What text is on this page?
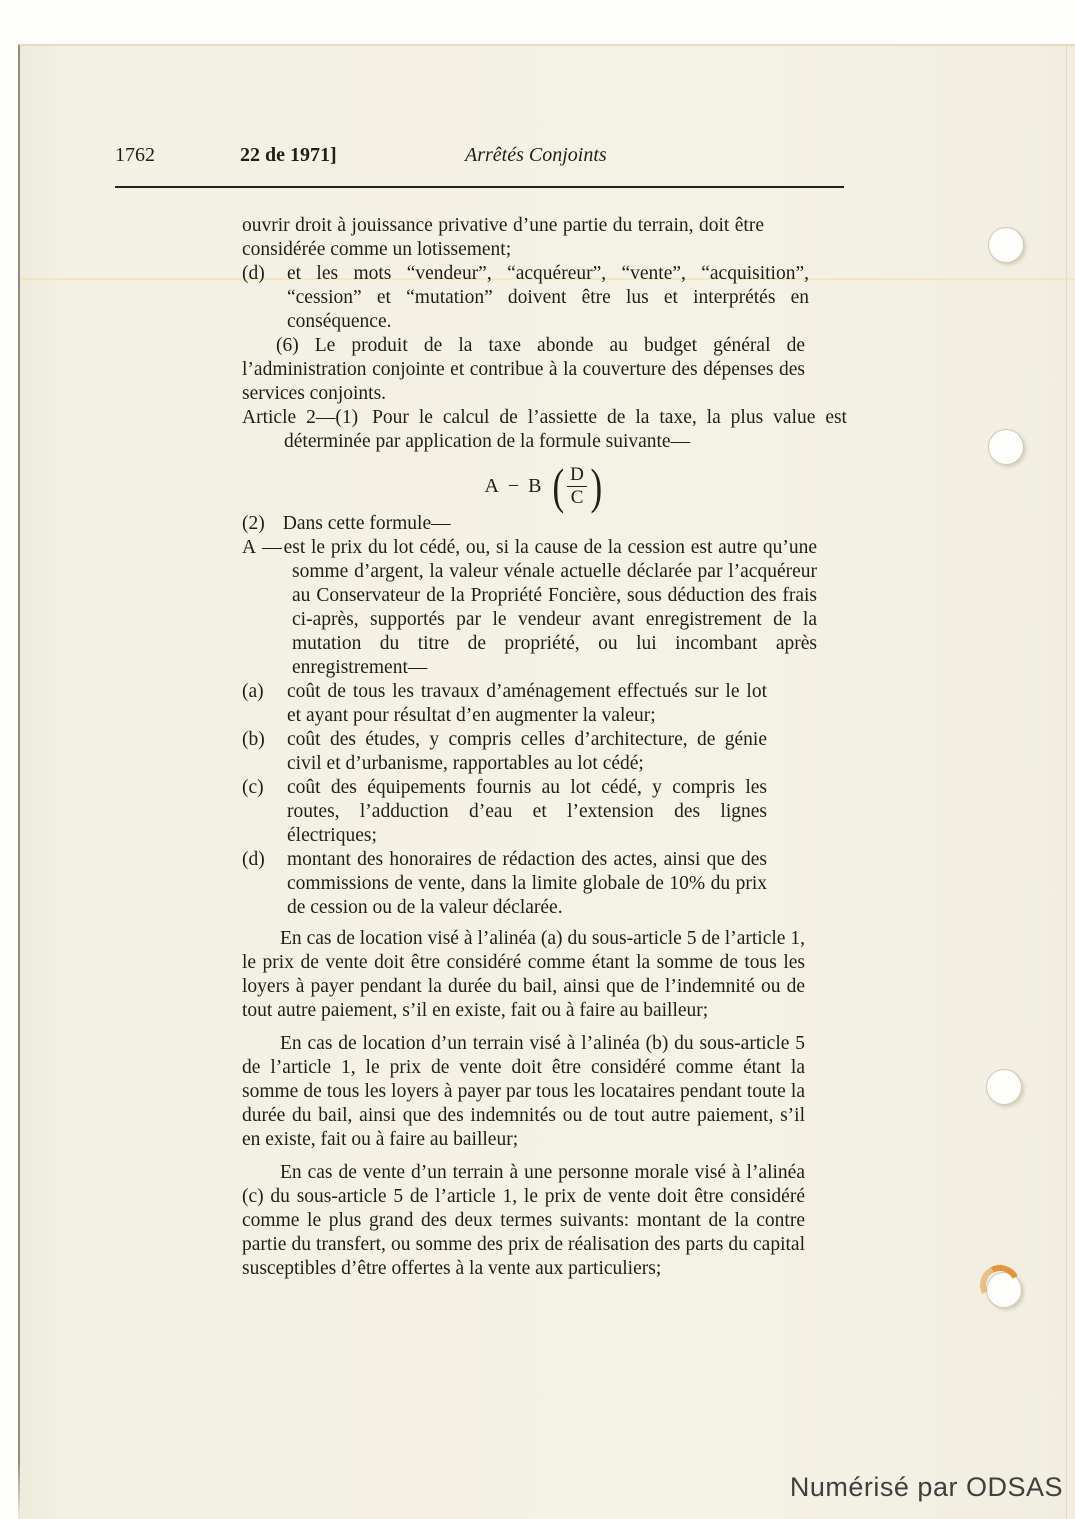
1762	22 de 1971]	Arrêtés Conjoints

ouvrir droit à jouissance privative d’une partie du terrain, doit être considérée comme un lotissement;

(d) et les mots “vendeur”, “acquéreur”, “vente”, “acquisition”, “cession” et “mutation” doivent être lus et interprétés en conséquence.

(6) Le produit de la taxe abonde au budget général de l’administration conjointe et contribue à la couverture des dépenses des services conjoints.

Article 2—(1) Pour le calcul de l’assiette de la taxe, la plus value est déterminée par application de la formule suivante—

A − B ( $\frac{D}{C}$ )

(2) Dans cette formule—

A — est le prix du lot cédé, ou, si la cause de la cession est autre qu’une somme d’argent, la valeur vénale actuelle déclarée par l’acquéreur au Conservateur de la Propriété Foncière, sous déduction des frais ci-après, supportés par le vendeur avant enregistrement de la mutation du titre de propriété, ou lui incombant après enregistrement—

(a) coût de tous les travaux d’aménagement effectués sur le lot et ayant pour résultat d’en augmenter la valeur;

(b) coût des études, y compris celles d’architecture, de génie civil et d’urbanisme, rapportables au lot cédé;

(c) coût des équipements fournis au lot cédé, y compris les routes, l’adduction d’eau et l’extension des lignes électriques;

(d) montant des honoraires de rédaction des actes, ainsi que des commissions de vente, dans la limite globale de 10% du prix de cession ou de la valeur déclarée.

En cas de location visé à l’alinéa (a) du sous-article 5 de l’article 1, le prix de vente doit être considéré comme étant la somme de tous les loyers à payer pendant la durée du bail, ainsi que de l’indemnité ou de tout autre paiement, s’il en existe, fait ou à faire au bailleur;

En cas de location d’un terrain visé à l’alinéa (b) du sous-article 5 de l’article 1, le prix de vente doit être considéré comme étant la somme de tous les loyers à payer par tous les locataires pendant toute la durée du bail, ainsi que des indemnités ou de tout autre paiement, s’il en existe, fait ou à faire au bailleur;

En cas de vente d’un terrain à une personne morale visé à l’alinéa (c) du sous-article 5 de l’article 1, le prix de vente doit être considéré comme le plus grand des deux termes suivants: montant de la contre partie du transfert, ou somme des prix de réalisation des parts du capital susceptibles d’être offertes à la vente aux particuliers;

Numérisé par ODSAS
